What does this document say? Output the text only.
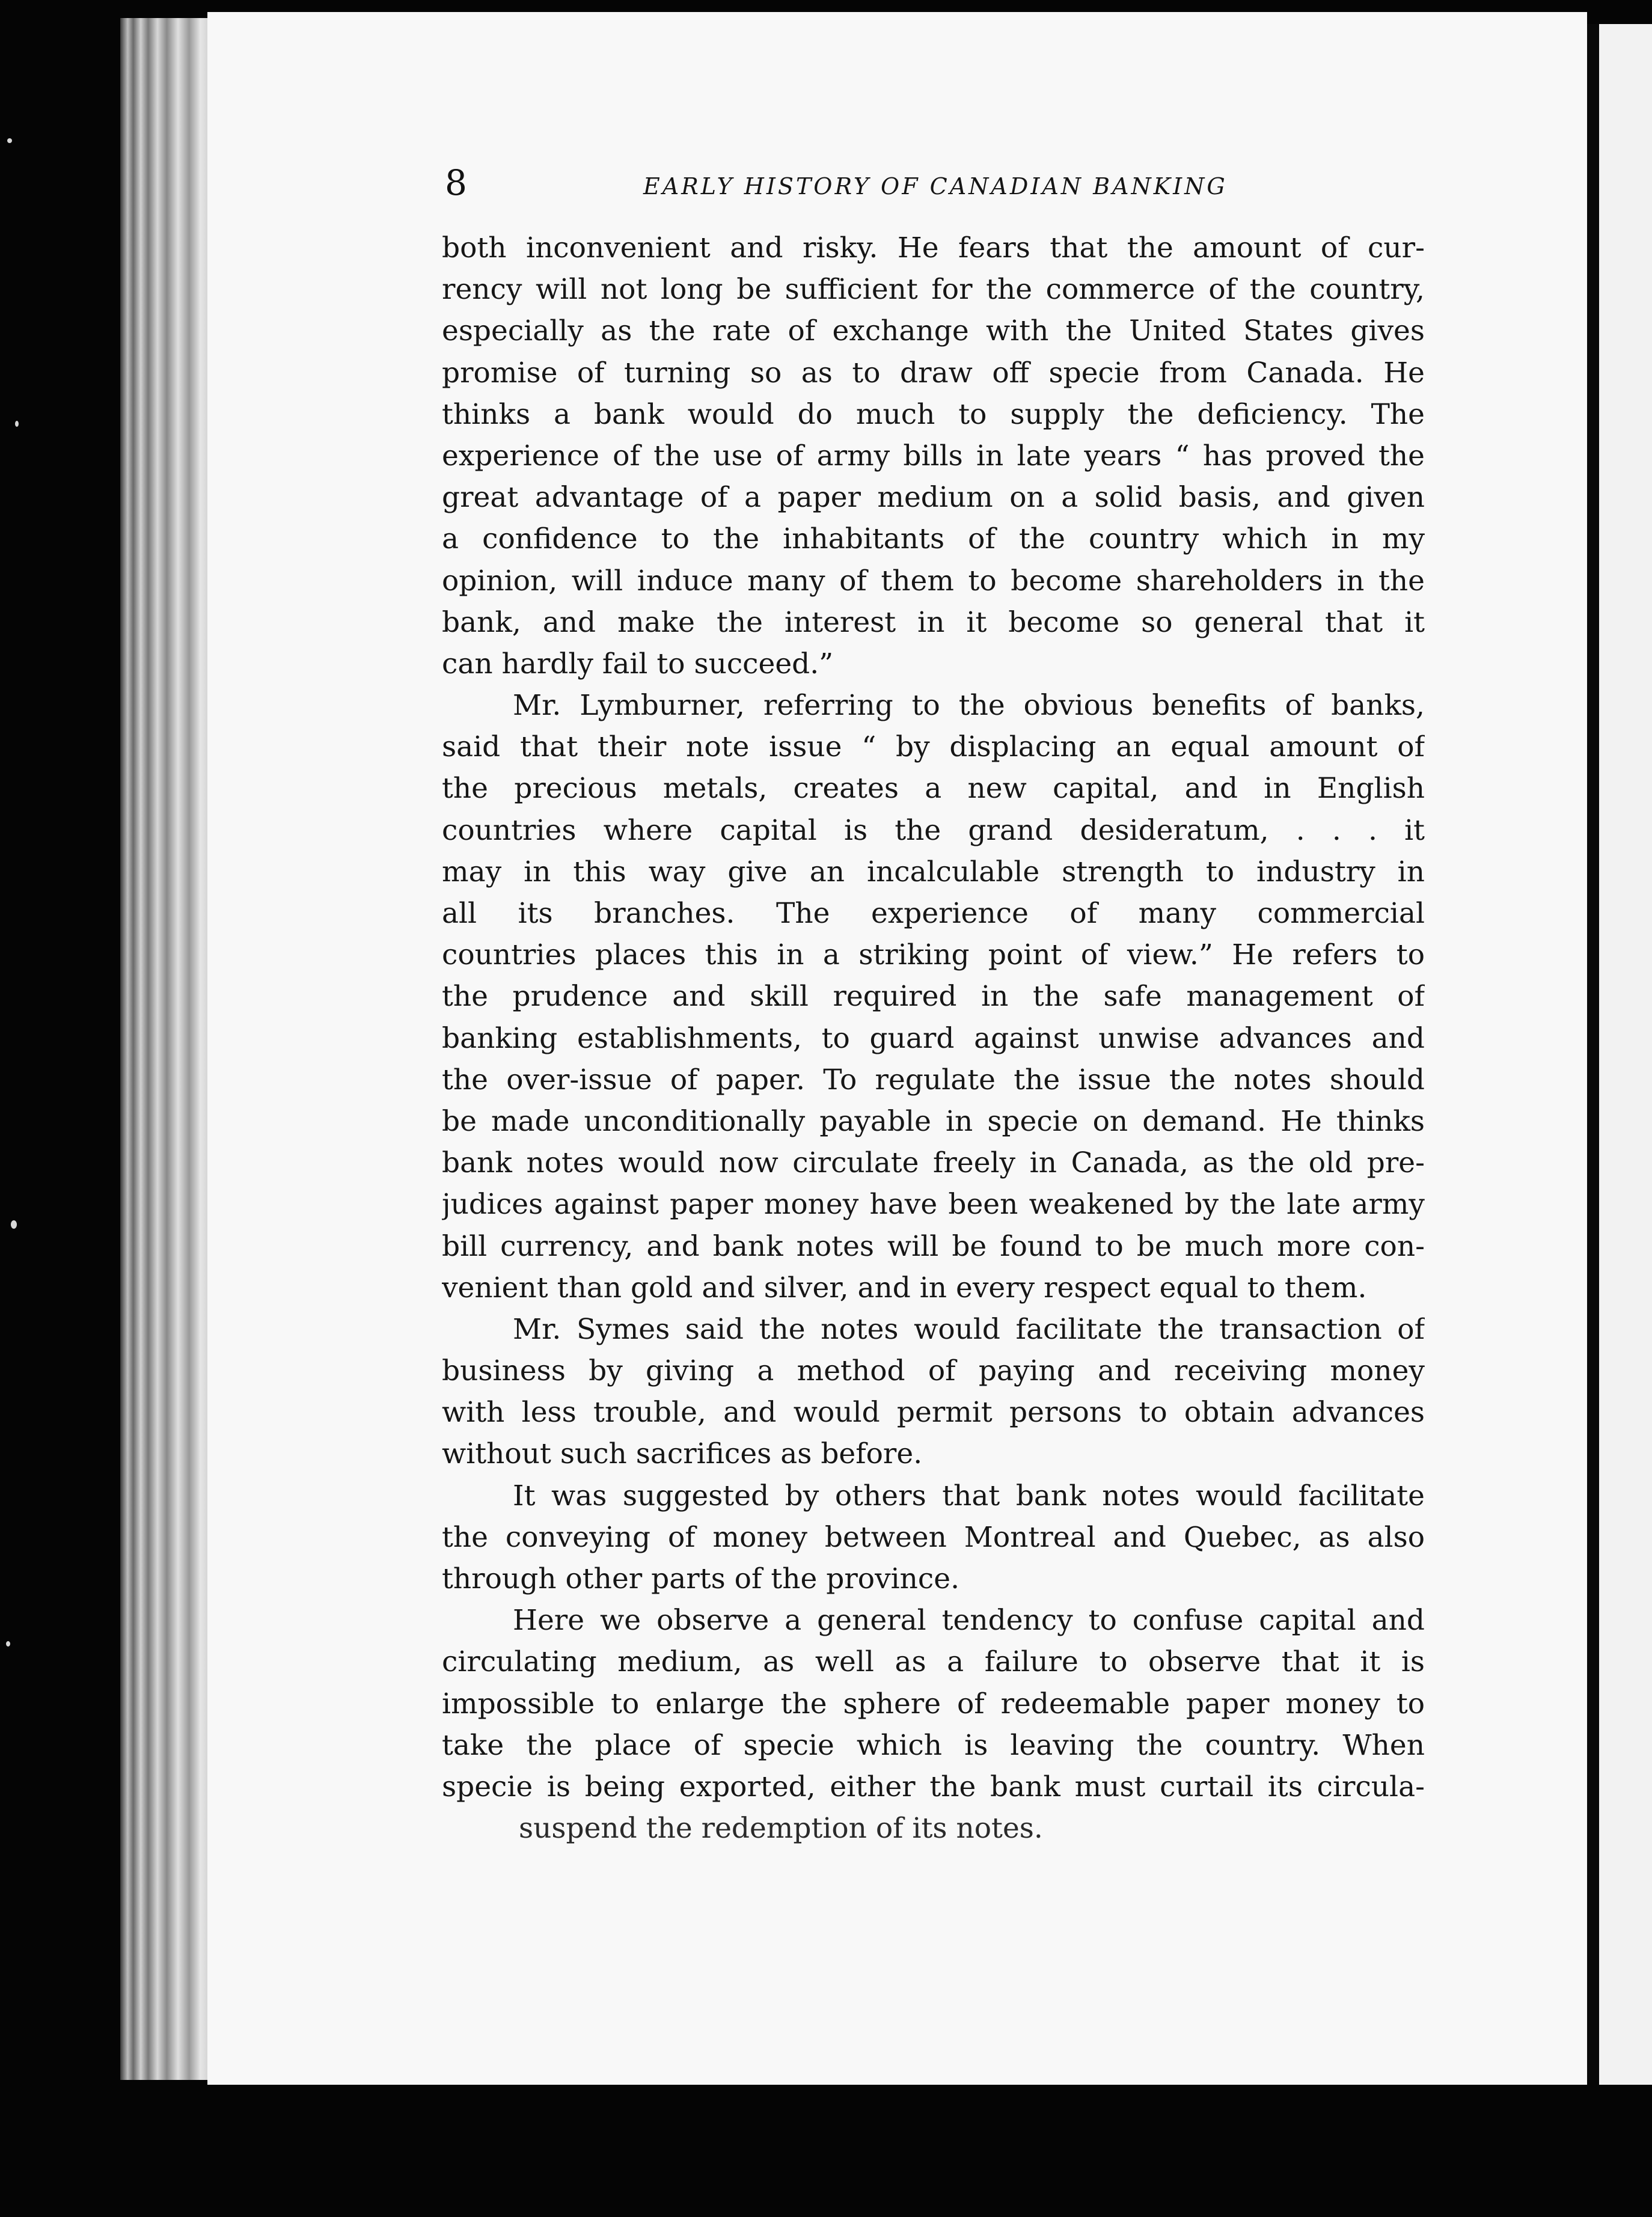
8	EARLY HISTORY OF CANADIAN BANKING
both inconvenient and risky. He fears that the amount of cur-
rency will not long be sufficient for the commerce of the country,
especially as the rate of exchange with the United States gives
promise of turning so as to draw off specie from Canada. He
thinks a bank would do much to supply the deficiency. The
experience of the use of army bills in late years “ has proved the
great advantage of a paper medium on a solid basis, and given
a confidence to the inhabitants of the country which in my
opinion, will induce many of them to become shareholders in the
bank, and make the interest in it become so general that it
can hardly fail to succeed.”
Mr. Lymburner, referring to the obvious benefits of banks,
said that their note issue “ by displacing an equal amount of
the precious metals, creates a new capital, and in English
countries where capital is the grand desideratum, . . . it
may in this way give an incalculable strength to industry in
all its branches. The experience of many commercial
countries places this in a striking point of view.” He refers to
the prudence and skill required in the safe management of
banking establishments, to guard against unwise advances and
the over-issue of paper. To regulate the issue the notes should
be made unconditionally payable in specie on demand. He thinks
bank notes would now circulate freely in Canada, as the old pre-
judices against paper money have been weakened by the late army
bill currency, and bank notes will be found to be much more con-
venient than gold and silver, and in every respect equal to them.
Mr. Symes said the notes would facilitate the transaction of
business by giving a method of paying and receiving money
with less trouble, and would permit persons to obtain advances
without such sacrifices as before.
It was suggested by others that bank notes would facilitate
the conveying of money between Montreal and Quebec, as also
through other parts of the province.
Here we observe a general tendency to confuse capital and
circulating medium, as well as a failure to observe that it is
impossible to enlarge the sphere of redeemable paper money to
take the place of specie which is leaving the country. When
specie is being exported, either the bank must curtail its circula-
suspend the redemption of its notes.
